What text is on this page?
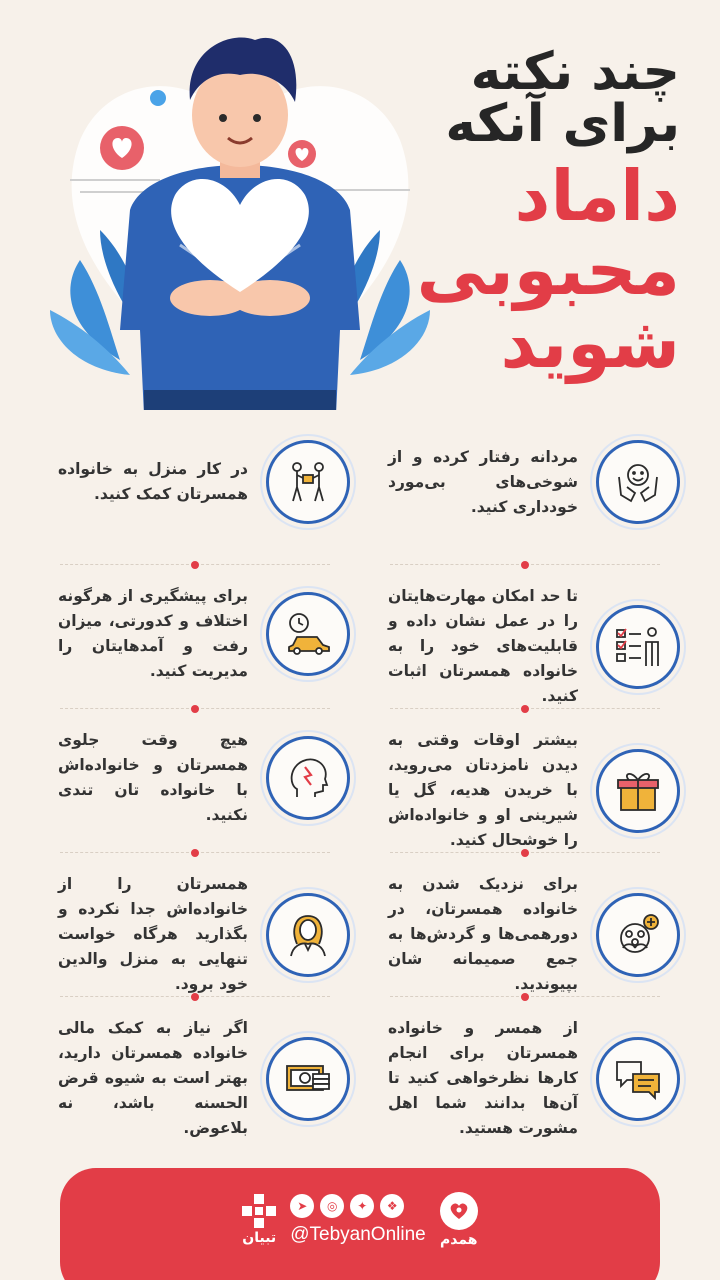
چند نکته
برای آنکه
داماد
محبوبی
شوید
مردانه رفتار کرده و از شوخی‌های بی‌مورد خودداری کنید.
در کار منزل به خانواده همسرتان کمک کنید.
تا حد امکان مهارت‌هایتان را در عمل نشان داده و قابلیت‌های خود را به خانواده همسرتان اثبات کنید.
برای پیشگیری از هرگونه اختلاف و کدورتی، میزان رفت و آمدهایتان را مدیریت کنید.
بیشتر اوقات وقتی به دیدن نامزدتان می‌روید، با خریدن هدیه، گل یا شیرینی او و خانواده‌اش را خوشحال کنید.
هیچ وقت جلوی همسرتان و خانواده‌اش با خانواده تان تندی نکنید.
برای نزدیک شدن به خانواده همسرتان، در دورهمی‌ها و گردش‌ها به جمع صمیمانه شان بپیوندید.
همسرتان را از خانواده‌اش جدا نکرده و بگذارید هرگاه خواست تنهایی به منزل والدین خود برود.
از همسر و خانواده همسرتان برای انجام کارها نظرخواهی کنید تا آن‌ها بدانند شما اهل مشورت هستید.
اگر نیاز به کمک مالی خانواده همسرتان دارید، بهتر است به شیوه قرض الحسنه باشد، نه بلاعوض.
تبیان
➤	◎	✦	❖
@TebyanOnline همدم
